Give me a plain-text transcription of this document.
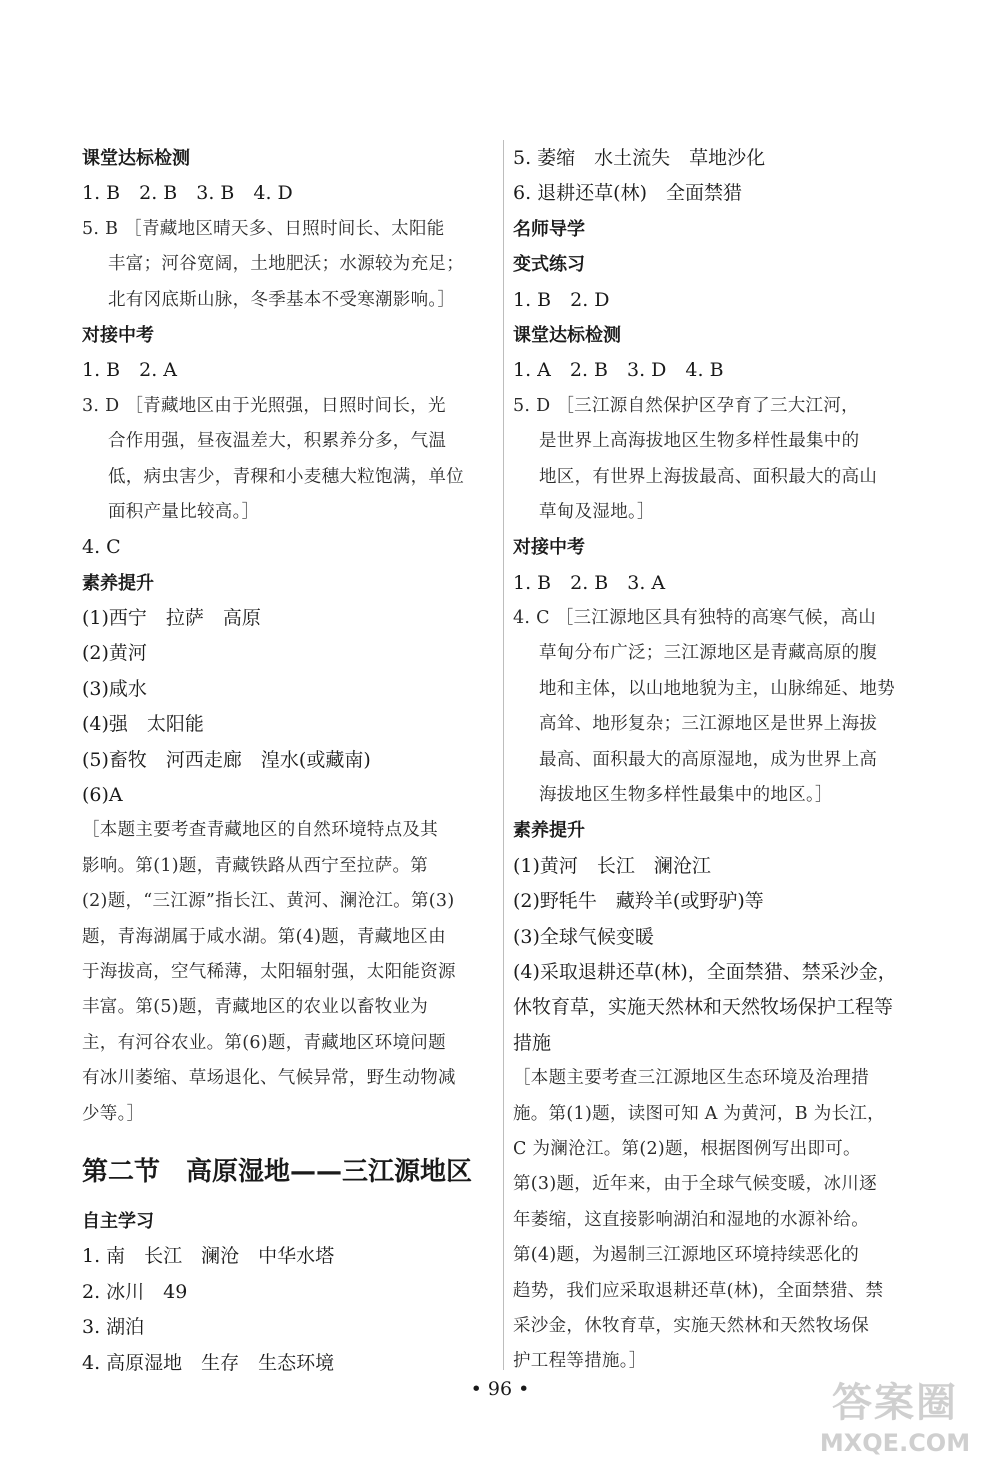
课堂达标检测
1. B　2. B　3. B　4. D
5. B ［青藏地区晴天多、日照时间长、太阳能
丰富；河谷宽阔，土地肥沃；水源较为充足；
北有冈底斯山脉，冬季基本不受寒潮影响。］
对接中考
1. B　2. A
3. D ［青藏地区由于光照强，日照时间长，光
合作用强，昼夜温差大，积累养分多，气温
低，病虫害少，青稞和小麦穗大粒饱满，单位
面积产量比较高。］
4. C
素养提升
(1)西宁　拉萨　高原
(2)黄河
(3)咸水
(4)强　太阳能
(5)畜牧　河西走廊　湟水(或藏南)
(6)A
［本题主要考查青藏地区的自然环境特点及其
影响。第(1)题，青藏铁路从西宁至拉萨。第
(2)题，“三江源”指长江、黄河、澜沧江。第(3)
题，青海湖属于咸水湖。第(4)题，青藏地区由
于海拔高，空气稀薄，太阳辐射强，太阳能资源
丰富。第(5)题，青藏地区的农业以畜牧业为
主，有河谷农业。第(6)题，青藏地区环境问题
有冰川萎缩、草场退化、气候异常，野生动物减
少等。］
第二节　高原湿地——三江源地区
自主学习
1. 南　长江　澜沧　中华水塔
2. 冰川　49
3. 湖泊
4. 高原湿地　生存　生态环境
5. 萎缩　水土流失　草地沙化
6. 退耕还草(林)　全面禁猎
名师导学
变式练习
1. B　2. D
课堂达标检测
1. A　2. B　3. D　4. B
5. D ［三江源自然保护区孕育了三大江河，
是世界上高海拔地区生物多样性最集中的
地区，有世界上海拔最高、面积最大的高山
草甸及湿地。］
对接中考
1. B　2. B　3. A
4. C ［三江源地区具有独特的高寒气候，高山
草甸分布广泛；三江源地区是青藏高原的腹
地和主体，以山地地貌为主，山脉绵延、地势
高耸、地形复杂；三江源地区是世界上海拔
最高、面积最大的高原湿地，成为世界上高
海拔地区生物多样性最集中的地区。］
素养提升
(1)黄河　长江　澜沧江
(2)野牦牛　藏羚羊(或野驴)等
(3)全球气候变暖
(4)采取退耕还草(林)，全面禁猎、禁采沙金，
休牧育草，实施天然林和天然牧场保护工程等
措施
［本题主要考查三江源地区生态环境及治理措
施。第(1)题，读图可知 A 为黄河，B 为长江，
C 为澜沧江。第(2)题，根据图例写出即可。
第(3)题，近年来，由于全球气候变暖，冰川逐
年萎缩，这直接影响湖泊和湿地的水源补给。
第(4)题，为遏制三江源地区环境持续恶化的
趋势，我们应采取退耕还草(林)，全面禁猎、禁
采沙金，休牧育草，实施天然林和天然牧场保
护工程等措施。］
• 96 •	答案圈
MXQE.COM
